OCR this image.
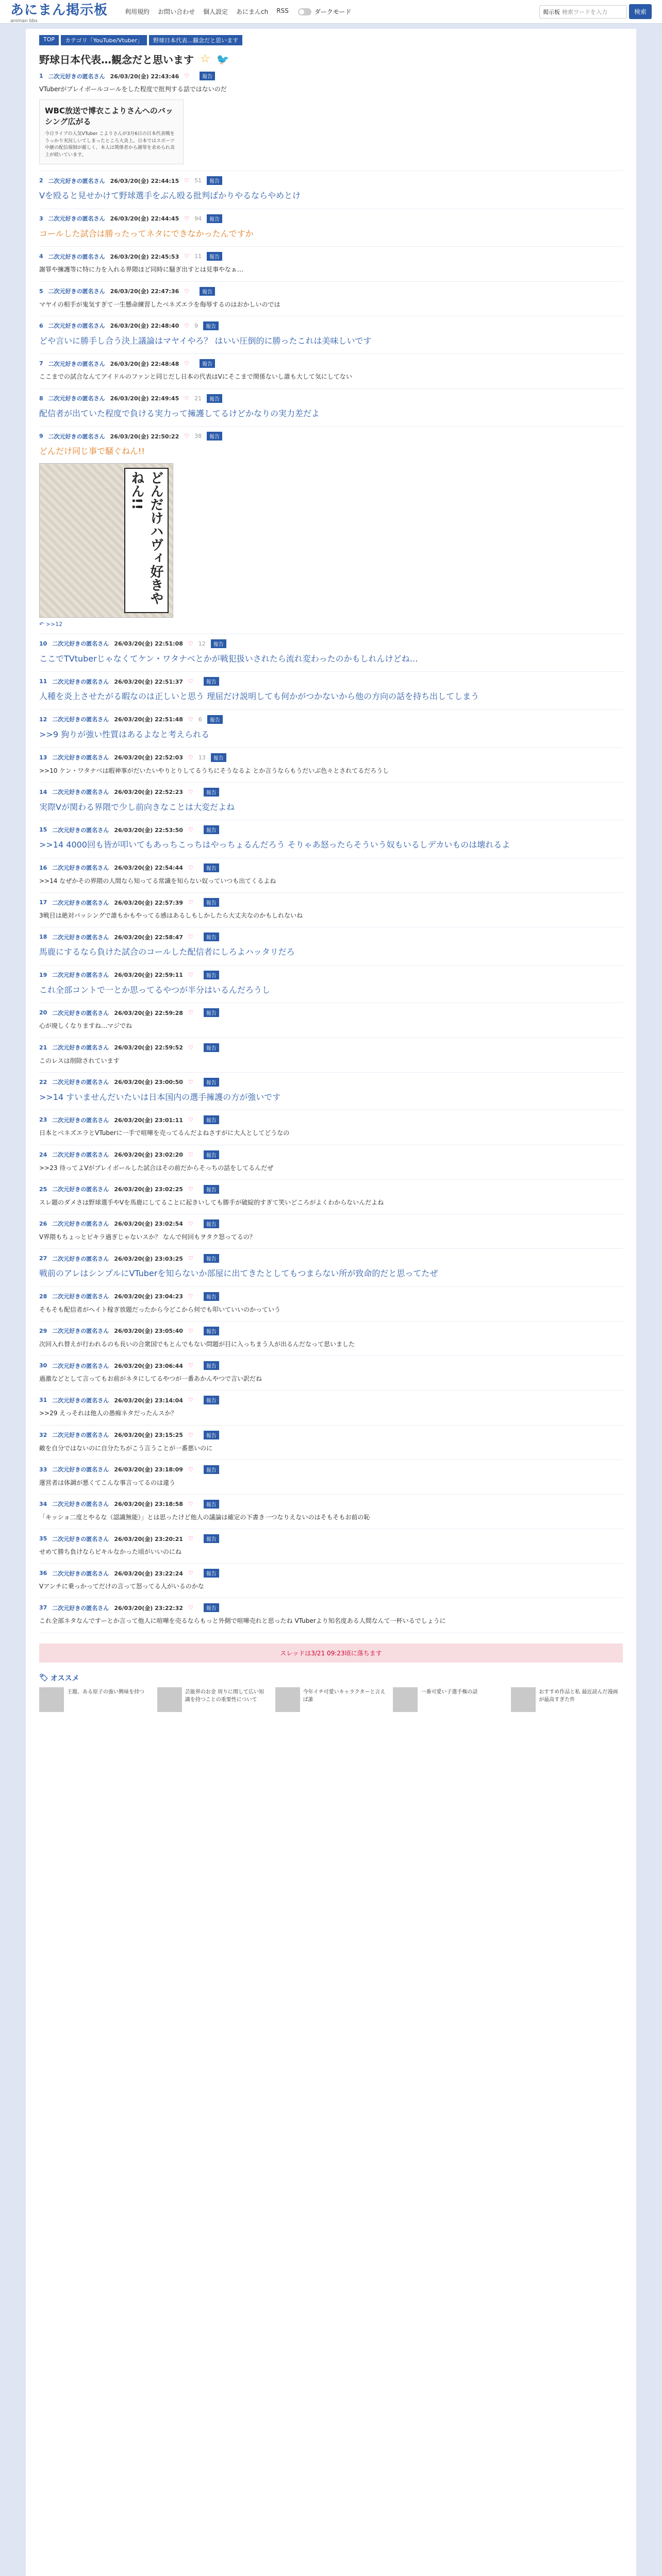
あにまん掲示板
animan bbs
利用規約 お問い合わせ 個人設定 あにまんch RSS	ダークモード	掲示板 検索ワードを入力	検索
TOP	カテゴリ「YouTube/Vtuber」	野球日本代表…観念だと思います
野球日本代表…観念だと思います ☆ 🐦
1 二次元好きの匿名さん 26/03/20(金) 22:43:46 ♡	報告
VTuberがプレイボールコールをした程度で批判する話ではないのだ
WBC放送で博衣こよりさんへのバッシング広がる
今日ライブの人気VTuber こよりさんが3月6日の日本代表戦をうっかり実況しいてしまったところ大炎上。日本ではスポーツ中継の配信規制が厳しく、本人は関係者から謝罪を求められ炎上が続いています。
2 二次元好きの匿名さん 26/03/20(金) 22:44:15 ♡ 51	報告
Vを殴ると見せかけて野球選手をぶん殴る批判ばかりやるならやめとけ
3 二次元好きの匿名さん 26/03/20(金) 22:44:45 ♡ 94	報告
コールした試合は勝ったってネタにできなかったんですか
4 二次元好きの匿名さん 26/03/20(金) 22:45:53 ♡ 11	報告
謝罪や擁護等に特に力を入れる界隈ほど同時に騒ぎ出すとは見事やなぁ…
5 二次元好きの匿名さん 26/03/20(金) 22:47:36 ♡	報告
マヤイの相手が鬼気すぎて一生懸命練習したベネズエラを侮辱するのはおかしいのでは
6 二次元好きの匿名さん 26/03/20(金) 22:48:40 ♡ 9	報告
どや言いに勝手し合う決上議論はマヤイやろ？ はいい圧倒的に勝ったこれは美味しいです
7 二次元好きの匿名さん 26/03/20(金) 22:48:48 ♡	報告
ここまでの試合なんてアイドルのファンと同じだし日本の代表はVにそこまで関係ないし誰も大して気にしてない
8 二次元好きの匿名さん 26/03/20(金) 22:49:45 ♡ 21	報告
配信者が出ていた程度で負ける実力って擁護してるけどかなりの実力差だよ
9 二次元好きの匿名さん 26/03/20(金) 22:50:22 ♡ 38	報告
どんだけ同じ事で騒ぐねん!!
どんだけハヴィ好きやねん!!
↶ >>12
10 二次元好きの匿名さん 26/03/20(金) 22:51:08 ♡ 12	報告
ここでTVtuberじゃなくてケン・ワタナベとかが戦犯扱いされたら流れ変わったのかもしれんけどね…
11 二次元好きの匿名さん 26/03/20(金) 22:51:37 ♡	報告
人種を炎上させたがる暇なのは正しいと思う 理屈だけ説明しても何かがつかないから他の方向の話を持ち出してしまう
12 二次元好きの匿名さん 26/03/20(金) 22:51:48 ♡ 6	報告
>>9 狗りが強い性質はあるよなと考えられる
13 二次元好きの匿名さん 26/03/20(金) 22:52:03 ♡ 13	報告
>>10 ケン・ワタナベは暇神事がだいたいやりとりしてるうちにそうなるよ とか言うならもうだいぶ色々とされてるだろうし
14 二次元好きの匿名さん 26/03/20(金) 22:52:23 ♡	報告
実際Vが関わる界隈で少し前向きなことは大変だよね
15 二次元好きの匿名さん 26/03/20(金) 22:53:50 ♡	報告
>>14 4000回も皆が叩いてもあっちこっちはやっちょるんだろう そりゃあ怒ったらそういう奴もいるしデカいものは壊れるよ
16 二次元好きの匿名さん 26/03/20(金) 22:54:44 ♡	報告
>>14 なぜかその界隈の人間なら知ってる常識を知らない奴っていつも出てくるよね
17 二次元好きの匿名さん 26/03/20(金) 22:57:39 ♡	報告
3戦目は絶対バッシングで誰もかもやってる感はあるしもしかしたら大丈夫なのかもしれないね
18 二次元好きの匿名さん 26/03/20(金) 22:58:47 ♡	報告
馬鹿にするなら負けた試合のコールした配信者にしろよハッタリだろ
19 二次元好きの匿名さん 26/03/20(金) 22:59:11 ♡	報告
これ全部コントで一とか思ってるやつが半分はいるんだろうし
20 二次元好きの匿名さん 26/03/20(金) 22:59:28 ♡	報告
心が廃しくなりますね…マジでね
21 二次元好きの匿名さん 26/03/20(金) 22:59:52 ♡	報告
このレスは削除されています
22 二次元好きの匿名さん 26/03/20(金) 23:00:50 ♡	報告
>>14 すいませんだいたいは日本国内の選手擁護の方が強いです
23 二次元好きの匿名さん 26/03/20(金) 23:01:11 ♡	報告
日本とベネズエラとVTuberに一手で喧嘩を売ってるんだよねさすがに大人としてどうなの
24 二次元好きの匿名さん 26/03/20(金) 23:02:20 ♡	報告
>>23 待ってよVがプレイボールした試合はその前だからそっちの話をしてるんだぜ
25 二次元好きの匿名さん 26/03/20(金) 23:02:25 ♡	報告
スレ題のダメさは野球選手やVを馬鹿にしてることに起きいしても勝手が破綻的すぎて笑いどころがよくわからないんだよね
26 二次元好きの匿名さん 26/03/20(金) 23:02:54 ♡	報告
V界隈もちょっとピキラ過ぎじゃないスか？ なんで何回もヲタク怒ってるの？
27 二次元好きの匿名さん 26/03/20(金) 23:03:25 ♡	報告
戦前のアレはシンプルにVTuberを知らないか部屋に出てきたとしてもつまらない所が致命的だと思ってたぜ
28 二次元好きの匿名さん 26/03/20(金) 23:04:23 ♡	報告
そもそも配信者がヘイト稼ぎ放題だったから今どこから何でも叩いていいのかっていう
29 二次元好きの匿名さん 26/03/20(金) 23:05:40 ♡	報告
次回入れ替えが行われるのも長いの合衆国でもとんでもない問題が目に入っちまう人が出るんだなって思いました
30 二次元好きの匿名さん 26/03/20(金) 23:06:44 ♡	報告
過激などとして言ってもお前がネタにしてるやつが一番あかんやつで言い訳だね
31 二次元好きの匿名さん 26/03/20(金) 23:14:04 ♡	報告
>>29 えっそれは他人の愚痴ネタだったんスか？
32 二次元好きの匿名さん 26/03/20(金) 23:15:25 ♡	報告
敵を自分ではないのに自分たちがこう言うことが一番悪いのに
33 二次元好きの匿名さん 26/03/20(金) 23:18:09 ♡	報告
運営者は体調が悪くてこんな事言ってるのは違う
34 二次元好きの匿名さん 26/03/20(金) 23:18:58 ♡	報告
「キッショ二度とやるな（認識無能）」とは思ったけど他人の議論は確定の下書き一つなりえないのはそもそもお前の恥
35 二次元好きの匿名さん 26/03/20(金) 23:20:21 ♡	報告
せめて勝ち負けならピキルなかった頃がいいのにね
36 二次元好きの匿名さん 26/03/20(金) 23:22:24 ♡	報告
Vアンチに乗っかってだけの言って怒ってる人がいるのかな
37 二次元好きの匿名さん 26/03/20(金) 23:22:32 ♡	報告
これ全部ネタなんですーとか言って他人に喧嘩を売るならもっと外側で喧嘩売れと思ったね VTuberより知名度ある人間なんて一杯いるでしょうに
スレッドは3/21 09:23頃に落ちます
🏷 オススメ
主題、ある原子の強い興味を持つ	芸能界のお金 周りに関して広い知識を持つことの重要性について
今年イチ可愛いキャラクターと言えば誰
一番可愛い子選手権の話	おすすめ作品と私 最近読んだ漫画が最高すぎた件
